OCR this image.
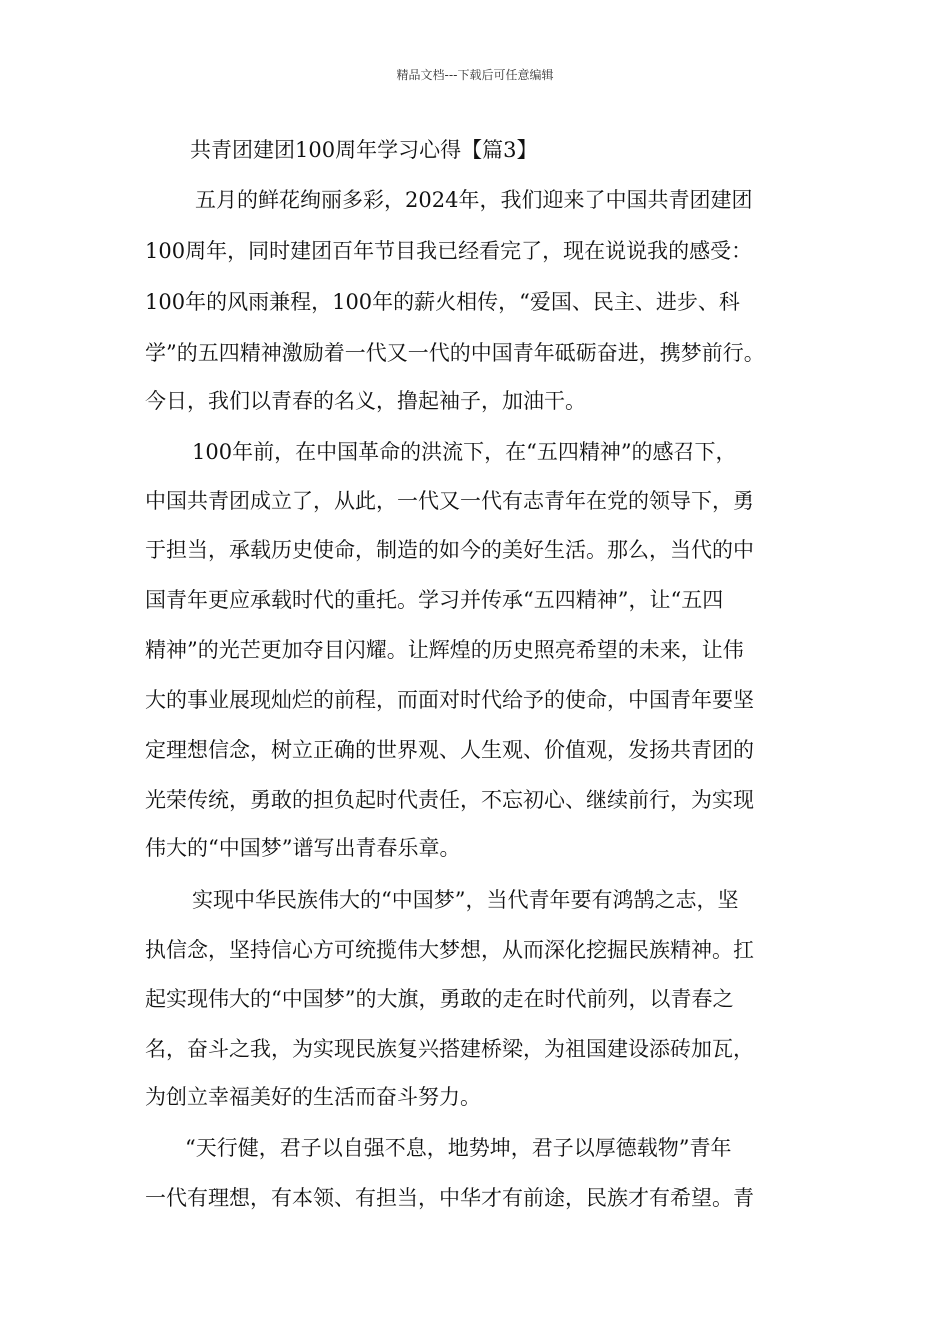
精品文档---下载后可任意编辑
共青团建团100周年学习心得【篇3】
五月的鲜花绚丽多彩，2024年，我们迎来了中国共青团建团
100周年，同时建团百年节目我已经看完了，现在说说我的感受：
100年的风雨兼程，100年的薪火相传，“爱国、民主、进步、科
学”的五四精神激励着一代又一代的中国青年砥砺奋进，携梦前行。
今日，我们以青春的名义，撸起袖子，加油干。
100年前，在中国革命的洪流下，在“五四精神”的感召下，
中国共青团成立了，从此，一代又一代有志青年在党的领导下，勇
于担当，承载历史使命，制造的如今的美好生活。那么，当代的中
国青年更应承载时代的重托。学习并传承“五四精神”，让“五四
精神”的光芒更加夺目闪耀。让辉煌的历史照亮希望的未来，让伟
大的事业展现灿烂的前程，而面对时代给予的使命，中国青年要坚
定理想信念，树立正确的世界观、人生观、价值观，发扬共青团的
光荣传统，勇敢的担负起时代责任，不忘初心、继续前行，为实现
伟大的“中国梦”谱写出青春乐章。
实现中华民族伟大的“中国梦”，当代青年要有鸿鹄之志，坚
执信念，坚持信心方可统揽伟大梦想，从而深化挖掘民族精神。扛
起实现伟大的“中国梦”的大旗，勇敢的走在时代前列，以青春之
名，奋斗之我，为实现民族复兴搭建桥梁，为祖国建设添砖加瓦，
为创立幸福美好的生活而奋斗努力。
“天行健，君子以自强不息，地势坤，君子以厚德载物”青年
一代有理想，有本领、有担当，中华才有前途，民族才有希望。青
